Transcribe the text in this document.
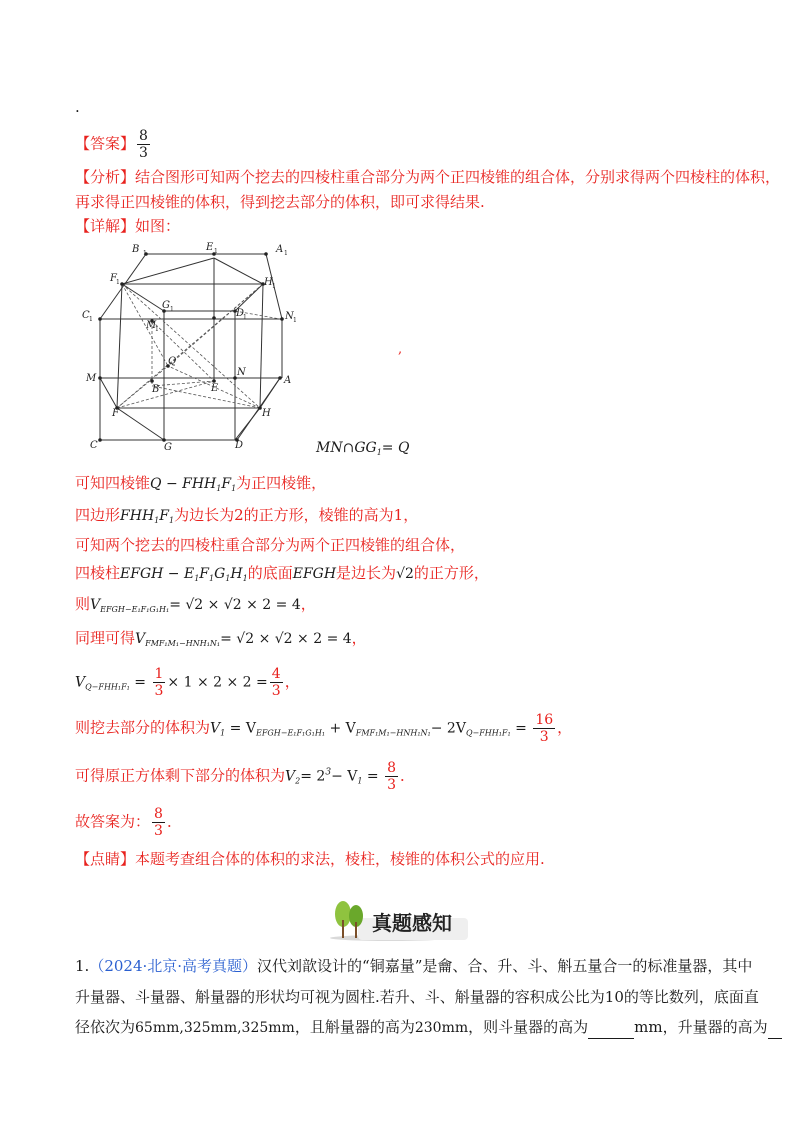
.
【答案】 $\frac{8}{3}$
【分析】结合图形可知两个挖去的四棱柱重合部分为两个正四棱锥的组合体，分别求得两个四棱柱的体积，
再求得正四棱锥的体积，得到挖去部分的体积，即可求得结果.
【详解】如图：
B 1
E 1	A 1
F 1	H 1
C 1
G 1
M
1
D
1	N 1
Q
M
N
A
B	E
F	H
C	G	D
,
$MN\cap GG_1= Q$
可知四棱锥$Q - FHH_1F_1$为正四棱锥，
四边形$FHH_1F_1$为边长为2的正方形，棱锥的高为1，
可知两个挖去的四棱柱重合部分为两个正四棱锥的组合体，
四棱柱EFGH − $E_1F_1G_1H_1$的底面EFGH是边长为√2的正方形，
则$V_{EFGH-E_1F_1G_1H_1}= √2 \times √2 \times 2 = 4$，
同理可得$V_{FMF_1M_1-HNH_1N_1}= √2 \times √2 \times 2 = 4$，
$V_{Q-FHH_1F_1} = \frac{1}{3} \times 1 \times 2 \times 2 = \frac{4}{3}$ ，
则挖去部分的体积为$V_1 = V_{EFGH-E_1F_1G_1H_1} + V_{FMF_1M_1-HNH_1N_1}- 2V_{Q-FHH_1F_1} = \frac{16}{3}$ ，
可得原正方体剩下部分的体积为$V_2= 2^3- V_1 = \frac{8}{3}$ ．
故答案为： $\frac{8}{3}$ ．
【点睛】本题考查组合体的体积的求法，棱柱，棱锥的体积公式的应用.
真题感知
1.（2024·北京·高考真题）汉代刘歆设计的“铜嘉量”是龠、合、升、斗、斛五量合一的标准量器，其中
升量器、斗量器、斛量器的形状均可视为圆柱.若升、斗、斛量器的容积成公比为10的等比数列，底面直
径依次为65mm,325mm,325mm，且斛量器的高为230mm，则斗量器的高为	mm，升量器的高为
